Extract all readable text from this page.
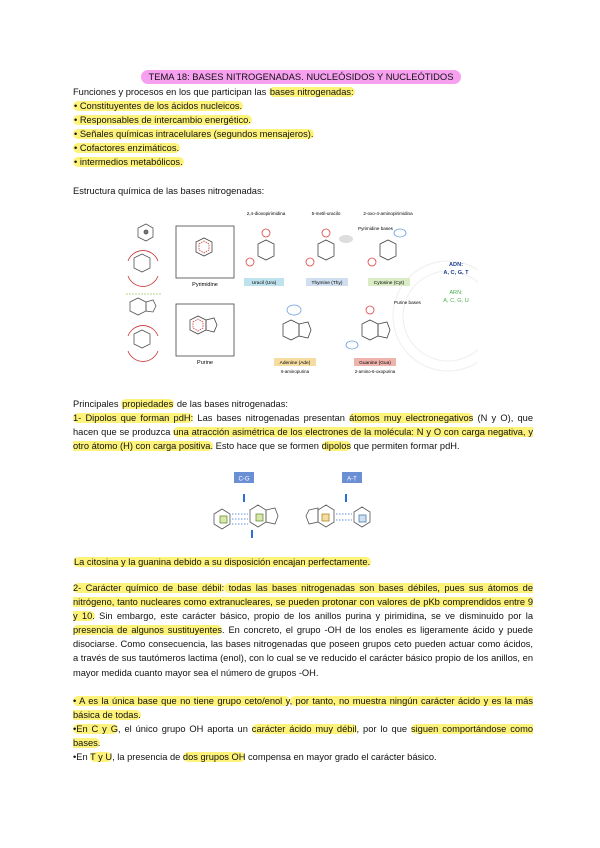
TEMA 18: BASES NITROGENADAS. NUCLEÓSIDOS Y NUCLEÓTIDOS
Funciones y procesos en los que participan las bases nitrogenadas:
• Constituyentes de los ácidos nucleicos.
• Responsables de intercambio energético.
• Señales químicas intracelulares (segundos mensajeros).
• Cofactores enzimáticos.
• intermedios metabólicos.
Estructura química de las bases nitrogenadas:
Pyrimidine
Purine
2,4-dioxopirimidina	5-metil-uracilo	2-oxo-4-aminopirimidina
Pyrimidine bases
Uracil (Ura)	Thymine (Thy)	Cytosine (Cyt)
Purine bases
Adenine (Ade)
6-aminopurina
Guanine (Gua)
2-amino-6-oxopurina
ADN:
A, C, G, T
ARN:
A, C, G, U
Principales propiedades de las bases nitrogenadas:
1- Dipolos que forman pdH: Las bases nitrogenadas presentan átomos muy electronegativos (N y O), que hacen que se produzca una atracción asimétrica de los electrones de la molécula: N y O con carga negativa, y otro átomo (H) con carga positiva. Esto hace que se formen dipolos que permiten formar pdH.
C-G	A-T
La citosina y la guanina debido a su disposición encajan perfectamente.
2- Carácter químico de base débil: todas las bases nitrogenadas son bases débiles, pues sus átomos de nitrógeno, tanto nucleares como extranucleares, se pueden protonar con valores de pKb comprendidos entre 9 y 10. Sin embargo, este carácter básico, propio de los anillos purina y pirimidina, se ve disminuido por la presencia de algunos sustituyentes. En concreto, el grupo -OH de los enoles es ligeramente ácido y puede disociarse. Como consecuencia, las bases nitrogenadas que poseen grupos ceto pueden actuar como ácidos, a través de sus tautómeros lactima (enol), con lo cual se ve reducido el carácter básico propio de los anillos, en mayor medida cuanto mayor sea el número de grupos -OH.
• A es la única base que no tiene grupo ceto/enol y, por tanto, no muestra ningún carácter ácido y es la más básica de todas.
•En C y G, el único grupo OH aporta un carácter ácido muy débil, por lo que siguen comportándose como bases.
•En T y U, la presencia de dos grupos OH compensa en mayor grado el carácter básico.
